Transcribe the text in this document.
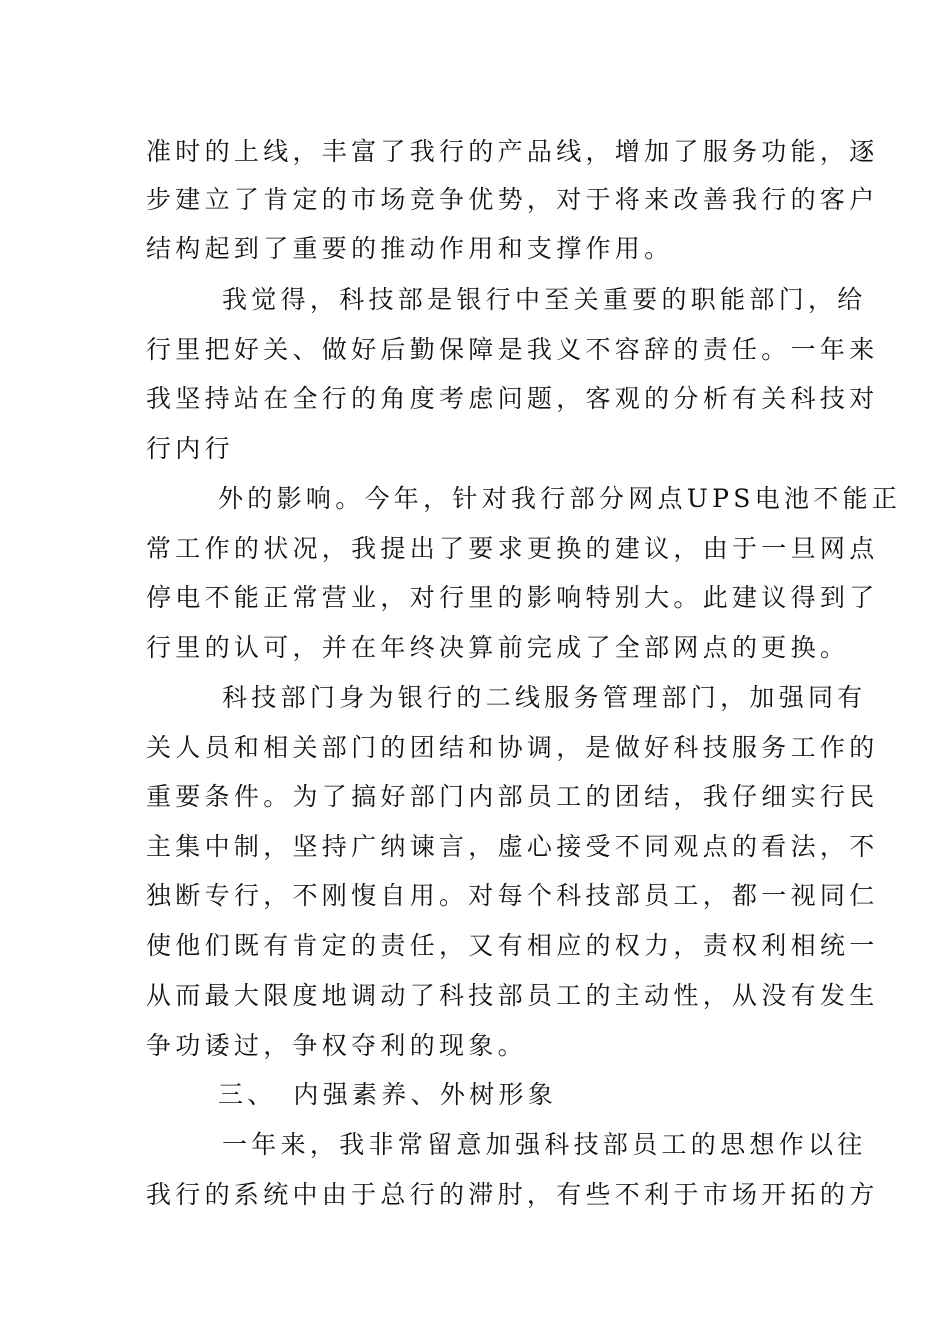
准时的上线，丰富了我行的产品线，增加了服务功能，逐
步建立了肯定的市场竞争优势，对于将来改善我行的客户
结构起到了重要的推动作用和支撑作用。
我觉得，科技部是银行中至关重要的职能部门，给
行里把好关、做好后勤保障是我义不容辞的责任。一年来
我坚持站在全行的角度考虑问题，客观的分析有关科技对
行内行
外的影响。今年，针对我行部分网点UPS电池不能正
常工作的状况，我提出了要求更换的建议，由于一旦网点
停电不能正常营业，对行里的影响特别大。此建议得到了
行里的认可，并在年终决算前完成了全部网点的更换。
科技部门身为银行的二线服务管理部门，加强同有
关人员和相关部门的团结和协调，是做好科技服务工作的
重要条件。为了搞好部门内部员工的团结，我仔细实行民
主集中制，坚持广纳谏言，虚心接受不同观点的看法，不
独断专行，不刚愎自用。对每个科技部员工，都一视同仁
使他们既有肯定的责任，又有相应的权力，责权利相统一
从而最大限度地调动了科技部员工的主动性，从没有发生
争功诿过，争权夺利的现象。
三、　内强素养、外树形象
一年来，我非常留意加强科技部员工的思想作以往
我行的系统中由于总行的滞肘，有些不利于市场开拓的方
